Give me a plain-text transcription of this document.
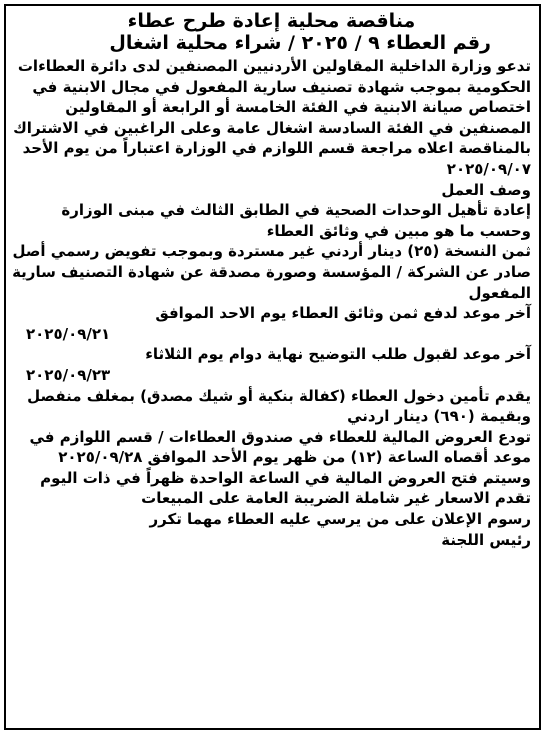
مناقصة محلية إعادة طرح عطاء

رقم العطاء ٩ / ٢٠٢٥ / شراء محلية اشغال

تدعو وزارة الداخلية المقاولين الأردنيين المصنفين لدى دائرة العطاءات الحكومية بموجب شهادة تصنيف سارية المفعول في مجال الابنية في اختصاص صيانة الابنية في الفئة الخامسة أو الرابعة أو المقاولين المصنفين في الفئة السادسة اشغال عامة وعلى الراغبين في الاشتراك بالمناقصة اعلاه مراجعة قسم اللوازم في الوزارة اعتباراً من يوم الأحد ٢٠٢٥/٠٩/٠٧

وصف العمل

إعادة تأهيل الوحدات الصحية في الطابق الثالث في مبنى الوزارة وحسب ما هو مبين في وثائق العطاء

ثمن النسخة (٢٥) دينار أردني غير مستردة وبموجب تفويض رسمي أصل صادر عن الشركة / المؤسسة وصورة مصدقة عن شهادة التصنيف سارية المفعول

آخر موعد لدفع ثمن وثائق العطاء يوم الاحد الموافق
٢٠٢٥/٠٩/٢١

آخر موعد لقبول طلب التوضيح نهاية دوام يوم الثلاثاء
٢٠٢٥/٠٩/٢٣

يقدم تأمين دخول العطاء (كفالة بنكية أو شيك مصدق) بمغلف منفصل وبقيمة (٦٩٠) دينار اردني

تودع العروض المالية للعطاء في صندوق العطاءات / قسم اللوازم في موعد أقصاه الساعة (١٢) من ظهر يوم الأحد الموافق ٢٠٢٥/٠٩/٢٨ وسيتم فتح العروض المالية في الساعة الواحدة ظهراً في ذات اليوم

تقدم الاسعار غير شاملة الضريبة العامة على المبيعات

رسوم الإعلان على من يرسي عليه العطاء مهما تكرر

رئيس اللجنة
